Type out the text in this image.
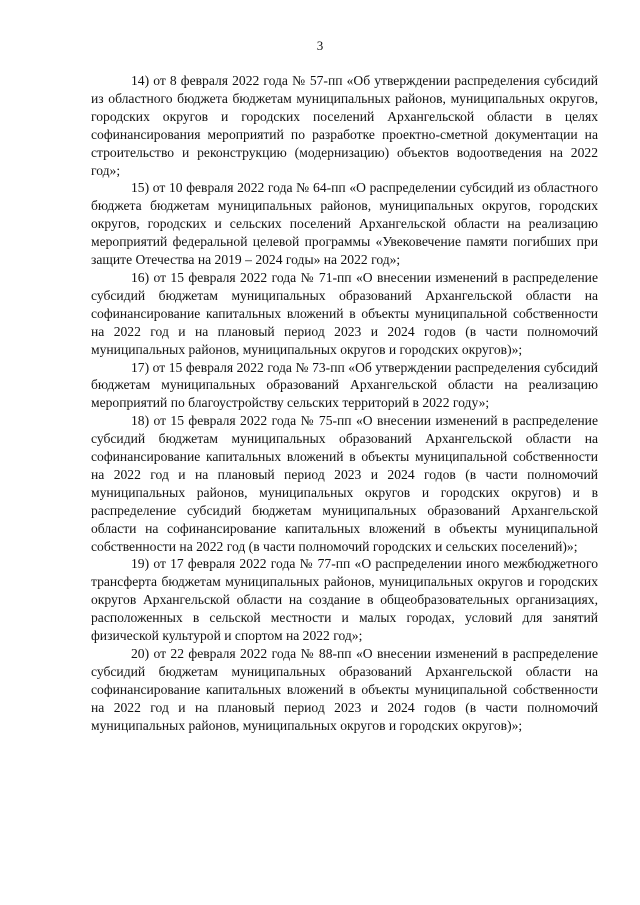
3

14) от 8 февраля 2022 года № 57-пп «Об утверждении распределения субсидий из областного бюджета бюджетам муниципальных районов, муниципальных округов, городских округов и городских поселений Архангельской области в целях софинансирования мероприятий по разработке проектно-сметной документации на строительство и реконструкцию (модернизацию) объектов водоотведения на 2022 год»;

15) от 10 февраля 2022 года № 64-пп «О распределении субсидий из областного бюджета бюджетам муниципальных районов, муниципальных округов, городских округов, городских и сельских поселений Архангельской области на реализацию мероприятий федеральной целевой программы «Увековечение памяти погибших при защите Отечества на 2019 – 2024 годы» на 2022 год»;

16) от 15 февраля 2022 года № 71-пп «О внесении изменений в распределение субсидий бюджетам муниципальных образований Архангельской области на софинансирование капитальных вложений в объекты муниципальной собственности на 2022 год и на плановый период 2023 и 2024 годов (в части полномочий муниципальных районов, муниципальных округов и городских округов)»;

17) от 15 февраля 2022 года № 73-пп «Об утверждении распределения субсидий бюджетам муниципальных образований Архангельской области на реализацию мероприятий по благоустройству сельских территорий в 2022 году»;

18) от 15 февраля 2022 года № 75-пп «О внесении изменений в распределение субсидий бюджетам муниципальных образований Архангельской области на софинансирование капитальных вложений в объекты муниципальной собственности на 2022 год и на плановый период 2023 и 2024 годов (в части полномочий муниципальных районов, муниципальных округов и городских округов) и в распределение субсидий бюджетам муниципальных образований Архангельской области на софинансирование капитальных вложений в объекты муниципальной собственности на 2022 год (в части полномочий городских и сельских поселений)»;

19) от 17 февраля 2022 года № 77-пп «О распределении иного межбюджетного трансферта бюджетам муниципальных районов, муниципальных округов и городских округов Архангельской области на создание в общеобразовательных организациях, расположенных в сельской местности и малых городах, условий для занятий физической культурой и спортом на 2022 год»;

20) от 22 февраля 2022 года № 88-пп «О внесении изменений в распределение субсидий бюджетам муниципальных образований Архангельской области на софинансирование капитальных вложений в объекты муниципальной собственности на 2022 год и на плановый период 2023 и 2024 годов (в части полномочий муниципальных районов, муниципальных округов и городских округов)»;
